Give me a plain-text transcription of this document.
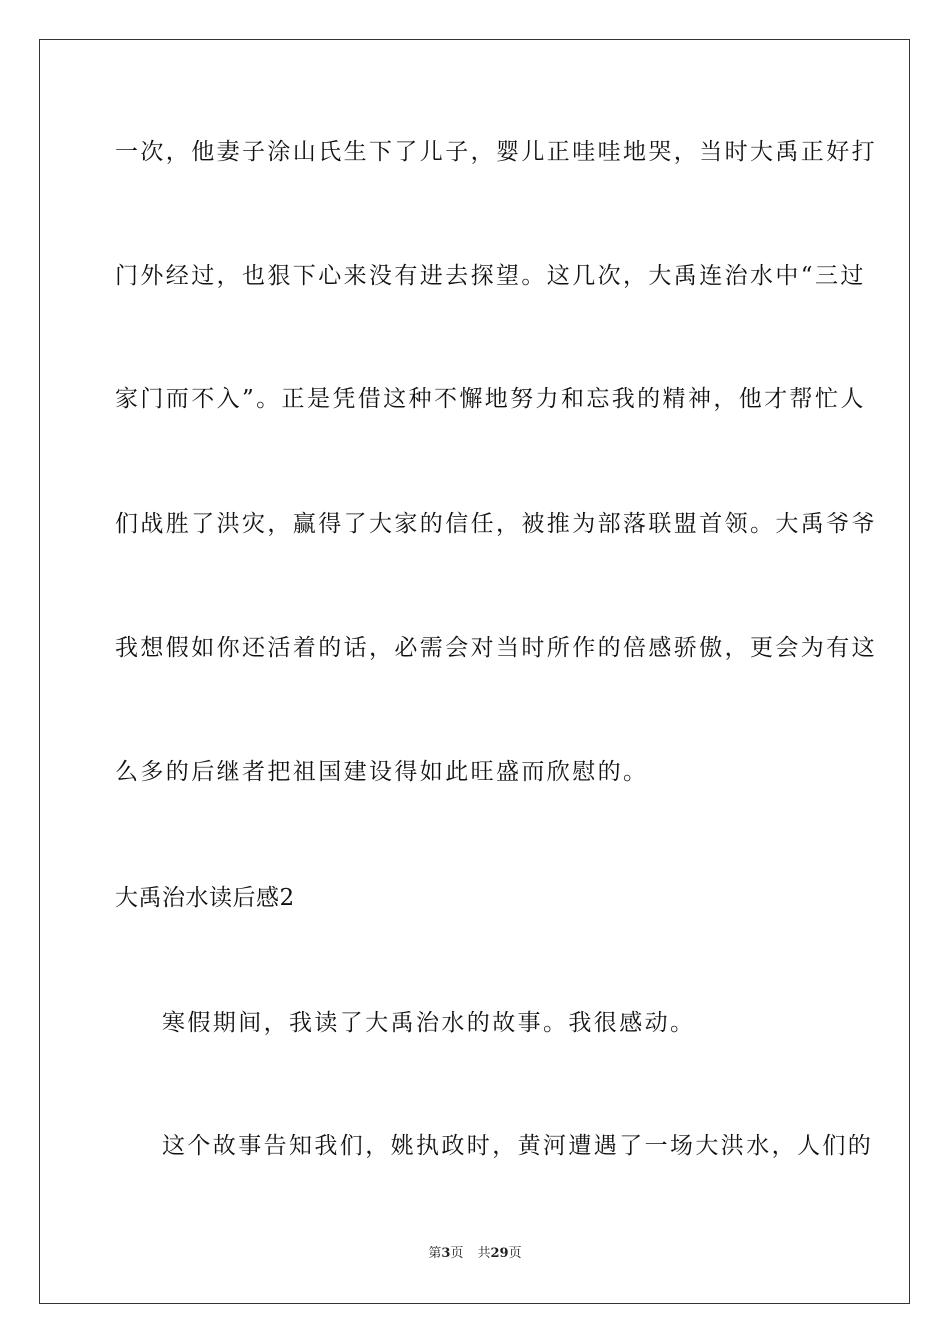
一次，他妻子涂山氏生下了儿子，婴儿正哇哇地哭，当时大禹正好打
门外经过，也狠下心来没有进去探望。这几次，大禹连治水中“三过
家门而不入”。正是凭借这种不懈地努力和忘我的精神，他才帮忙人
们战胜了洪灾，赢得了大家的信任，被推为部落联盟首领。大禹爷爷
我想假如你还活着的话，必需会对当时所作的倍感骄傲，更会为有这
么多的后继者把祖国建设得如此旺盛而欣慰的。
大禹治水读后感2
寒假期间，我读了大禹治水的故事。我很感动。
这个故事告知我们，姚执政时，黄河遭遇了一场大洪水，人们的
第3页 共29页
